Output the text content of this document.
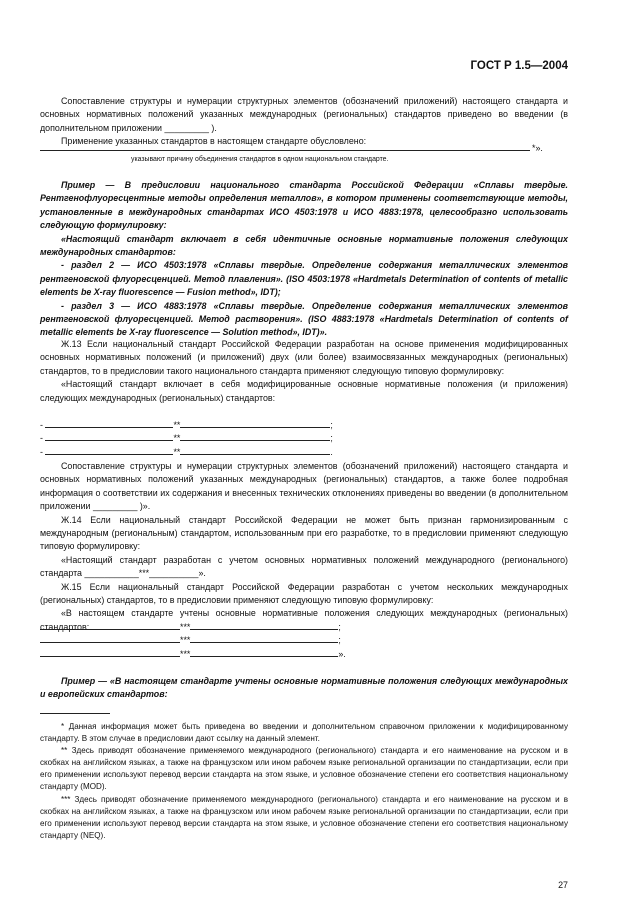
ГОСТ Р 1.5—2004

Сопоставление структуры и нумерации структурных элементов (обозначений приложений) настоящего стандарта и основных нормативных положений указанных международных (региональных) стандартов приведено во введении (в дополнительном приложении _________ ).

Применение указанных стандартов в настоящем стандарте обусловлено:

*».
указывают причину объединения стандартов в одном национальном стандарте.

Пример — В предисловии национального стандарта Российской Федерации «Сплавы твердые. Рентгенофлуоресцентные методы определения металлов», в котором применены соответствующие методы, установленные в международных стандартах ИСО 4503:1978 и ИСО 4883:1978, целесообразно использовать следующую формулировку:

«Настоящий стандарт включает в себя идентичные основные нормативные положения следующих международных стандартов:

- раздел 2 — ИСО 4503:1978 «Сплавы твердые. Определение содержания металлических элементов рентгеновской флуоресценцией. Метод плавления». (ISO 4503:1978 «Hardmetals Determination of contents of metallic elements be X-ray fluorescence — Fusion method», IDT);

- раздел 3 — ИСО 4883:1978 «Сплавы твердые. Определение содержания металлических элементов рентгеновской флуоресценцией. Метод растворения». (ISO 4883:1978 «Hardmetals Determination of contents of metallic elements be X-ray fluorescence — Solution method», IDT)».

Ж.13 Если национальный стандарт Российской Федерации разработан на основе применения модифицированных основных нормативных положений (и приложений) двух (или более) взаимосвязанных международных (региональных) стандартов, то в предисловии такого национального стандарта применяют следующую типовую формулировку:

«Настоящий стандарт включает в себя модифицированные основные нормативные положения (и приложения) следующих международных (региональных) стандартов:

-	**	;
-	**	;
-	**	.

Сопоставление структуры и нумерации структурных элементов (обозначений приложений) настоящего стандарта и основных нормативных положений указанных международных (региональных) стандартов, а также более подробная информация о соответствии их содержания и внесенных технических отклонениях приведены во введении (в дополнительном приложении _________ )».

Ж.14 Если национальный стандарт Российской Федерации не может быть признан гармонизированным с международным (региональным) стандартом, использованным при его разработке, то в предисловии применяют следующую типовую формулировку:

«Настоящий стандарт разработан с учетом основных нормативных положений международного (регионального) стандарта ___________***__________».

Ж.15 Если национальный стандарт Российской Федерации разработан с учетом нескольких международных (региональных) стандартов, то в предисловии применяют следующую типовую формулировку:

«В настоящем стандарте учтены основные нормативные положения следующих международных (региональных) стандартов:	***	;
***	;
***	».

Пример — «В настоящем стандарте учтены основные нормативные положения следующих международных и европейских стандартов:

* Данная информация может быть приведена во введении и дополнительном справочном приложении к модифицированному стандарту. В этом случае в предисловии дают ссылку на данный элемент.

** Здесь приводят обозначение применяемого международного (регионального) стандарта и его наименование на русском и в скобках на английском языках, а также на французском или ином рабочем языке региональной организации по стандартизации, если при его применении используют перевод версии стандарта на этом языке, и условное обозначение степени его соответствия национальному стандарту (MOD).

*** Здесь приводят обозначение применяемого международного (регионального) стандарта и его наименование на русском и в скобках на английском языках, а также на французском или ином рабочем языке региональной организации по стандартизации, если при его применении используют перевод версии стандарта на этом языке, и условное обозначение степени его соответствия национальному стандарту (NEQ).

27
